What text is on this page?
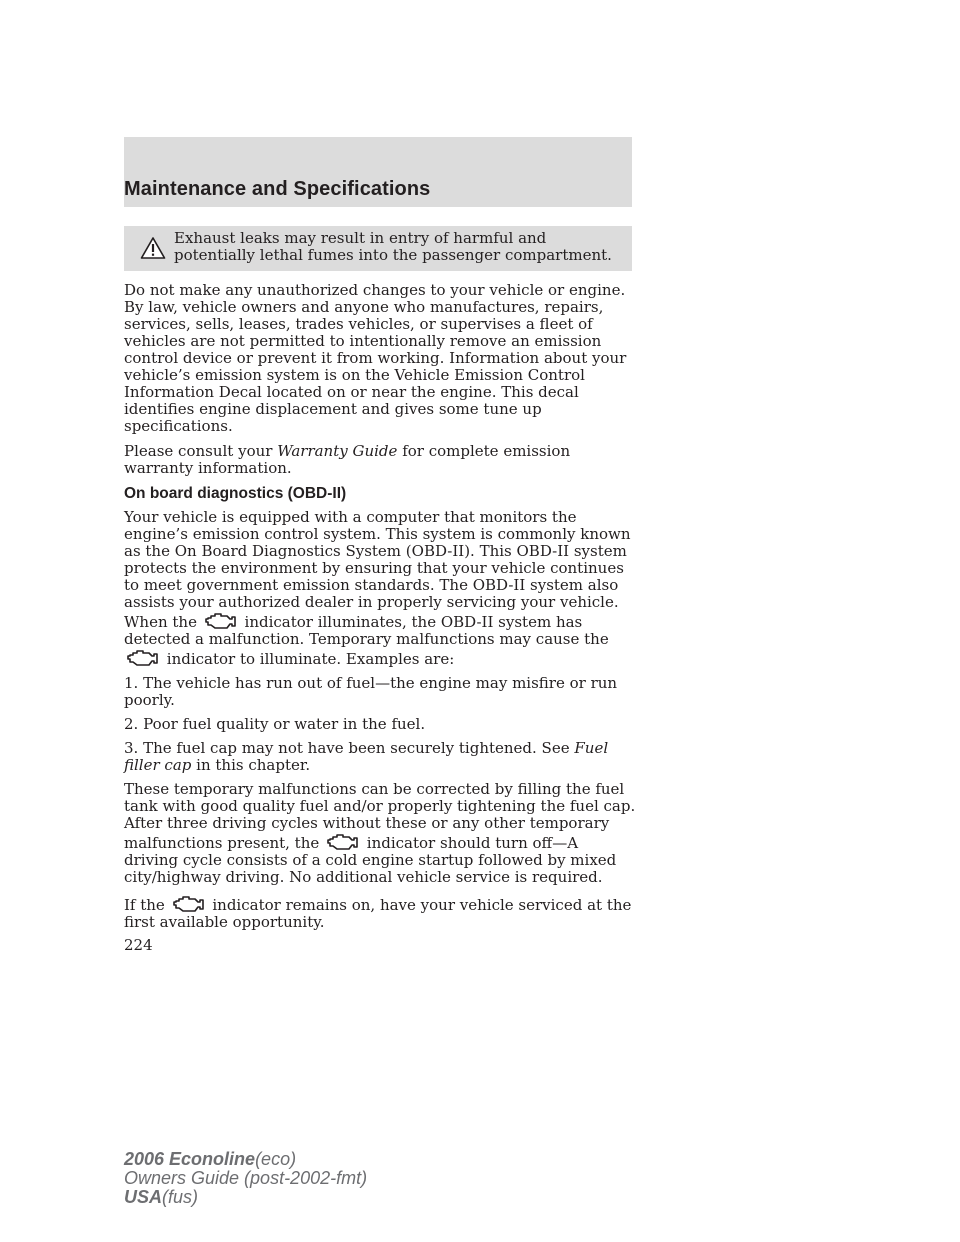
Maintenance and Specifications
Exhaust leaks may result in entry of harmful and potentially lethal fumes into the passenger compartment.

Do not make any unauthorized changes to your vehicle or engine. By law, vehicle owners and anyone who manufactures, repairs, services, sells, leases, trades vehicles, or supervises a fleet of vehicles are not permitted to intentionally remove an emission control device or prevent it from working. Information about your vehicle’s emission system is on the Vehicle Emission Control Information Decal located on or near the engine. This decal identifies engine displacement and gives some tune up specifications.

Please consult your Warranty Guide for complete emission warranty information.

On board diagnostics (OBD-II)

Your vehicle is equipped with a computer that monitors the engine’s emission control system. This system is commonly known as the On Board Diagnostics System (OBD-II). This OBD-II system protects the environment by ensuring that your vehicle continues to meet government emission standards. The OBD-II system also assists your authorized dealer in properly servicing your vehicle. When the	indicator illuminates, the OBD-II system has detected a malfunction. Temporary malfunctions may cause the  indicator to illuminate. Examples are:

1. The vehicle has run out of fuel—the engine may misfire or run poorly.

2. Poor fuel quality or water in the fuel.

3. The fuel cap may not have been securely tightened. See Fuel filler cap in this chapter.

These temporary malfunctions can be corrected by filling the fuel tank with good quality fuel and/or properly tightening the fuel cap. After three driving cycles without these or any other temporary malfunctions present, the	indicator should turn off—A driving cycle consists of a cold engine startup followed by mixed city/highway driving. No additional vehicle service is required.

If the	indicator remains on, have your vehicle serviced at the first available opportunity.

224
2006 Econoline(eco)
Owners Guide (post-2002-fmt)
USA(fus)
